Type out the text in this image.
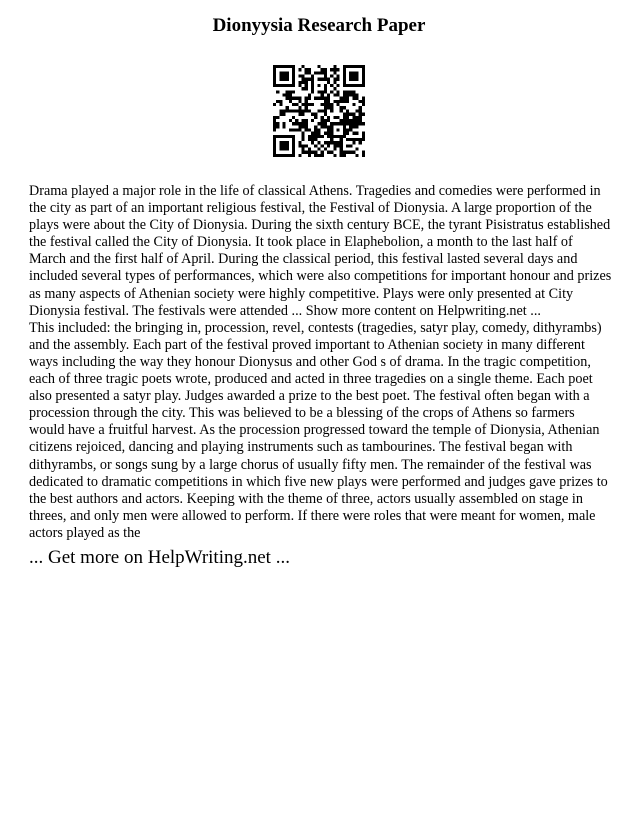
Dionyysia Research Paper

Drama played a major role in the life of classical Athens. Tragedies and comedies were performed in the city as part of an important religious festival, the Festival of Dionysia. A large proportion of the plays were about the City of Dionysia. During the sixth century BCE, the tyrant Pisistratus established the festival called the City of Dionysia. It took place in Elaphebolion, a month to the last half of March and the first half of April. During the classical period, this festival lasted several days and included several types of performances, which were also competitions for important honour and prizes as many aspects of Athenian society were highly competitive. Plays were only presented at City Dionysia festival. The festivals were attended ... Show more content on Helpwriting.net ...

This included: the bringing in, procession, revel, contests (tragedies, satyr play, comedy, dithyrambs) and the assembly. Each part of the festival proved important to Athenian society in many different ways including the way they honour Dionysus and other God s of drama. In the tragic competition, each of three tragic poets wrote, produced and acted in three tragedies on a single theme. Each poet also presented a satyr play. Judges awarded a prize to the best poet. The festival often began with a procession through the city. This was believed to be a blessing of the crops of Athens so farmers would have a fruitful harvest. As the procession progressed toward the temple of Dionysia, Athenian citizens rejoiced, dancing and playing instruments such as tambourines. The festival began with dithyrambs, or songs sung by a large chorus of usually fifty men. The remainder of the festival was dedicated to dramatic competitions in which five new plays were performed and judges gave prizes to the best authors and actors. Keeping with the theme of three, actors usually assembled on stage in threes, and only men were allowed to perform. If there were roles that were meant for women, male actors played as the

... Get more on HelpWriting.net ...
